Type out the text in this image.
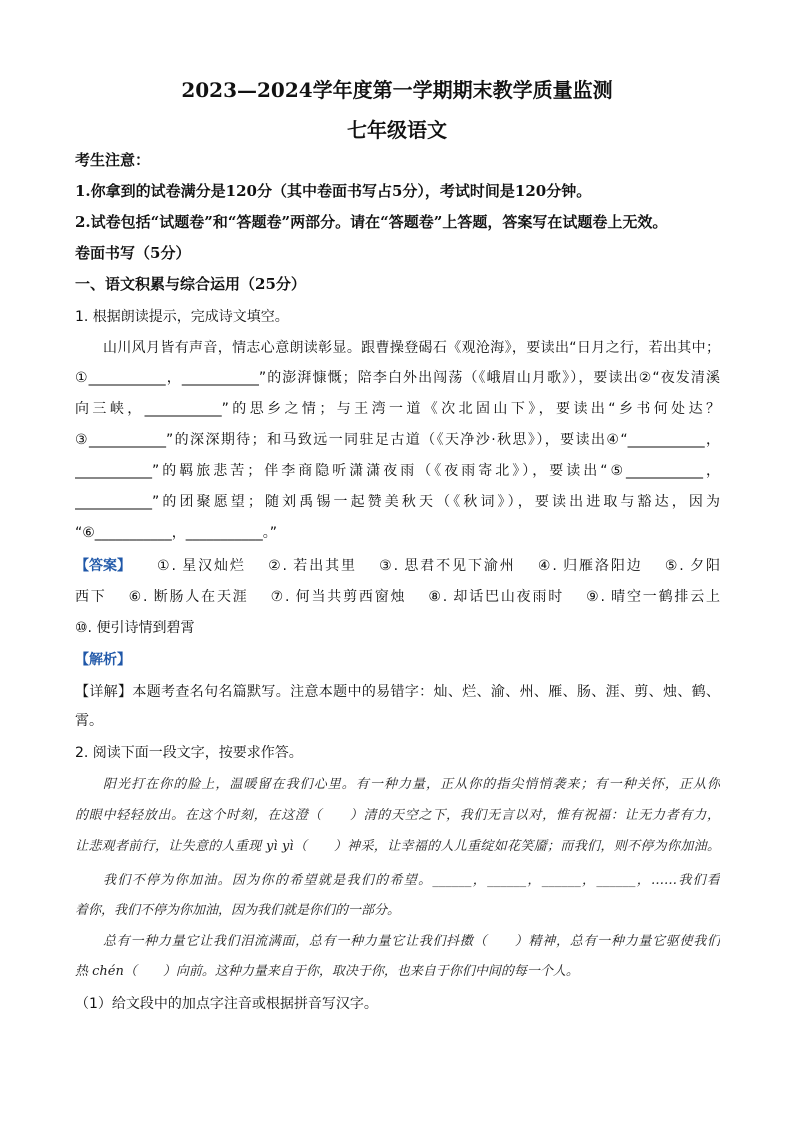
2023—2024学年度第一学期期末教学质量监测
七年级语文
考生注意：
1.你拿到的试卷满分是120分（其中卷面书写占5分），考试时间是120分钟。
2.试卷包括“试题卷”和“答题卷”两部分。请在“答题卷”上答题，答案写在试题卷上无效。
卷面书写（5分）
一、语文积累与综合运用（25分）
1. 根据朗读提示，完成诗文填空。
山川风月皆有声音，情志心意朗读彰显。跟曹操登碣石《观沧海》，要读出“日月之行，若出其中；
①___________，___________”的澎湃慷慨；陪李白外出闯荡（《峨眉山月歌》），要读出②“夜发清溪
向三峡，___________”的思乡之情；与王湾一道《次北固山下》，要读出“乡书何处达？
③___________”的深深期待；和马致远一同驻足古道（《天净沙·秋思》），要读出④“___________，
___________”的羁旅悲苦；伴李商隐听潇潇夜雨（《夜雨寄北》），要读出“⑤___________，
___________”的团聚愿望；随刘禹锡一起赞美秋天（《秋词》），要读出进取与豁达，因为
“⑥___________，___________。”
【答案】 ①. 星汉灿烂　 ②. 若出其里　 ③. 思君不见下渝州　 ④. 归雁洛阳边　 ⑤. 夕阳
西下　 ⑥. 断肠人在天涯　 ⑦. 何当共剪西窗烛　 ⑧. 却话巴山夜雨时　 ⑨. 晴空一鹤排云上
⑩. 便引诗情到碧霄
【解析】
【详解】本题考查名句名篇默写。注意本题中的易错字：灿、烂、渝、州、雁、肠、涯、剪、烛、鹤、
霄。
2. 阅读下面一段文字，按要求作答。
阳光打在你的脸上，温暖留在我们心里。有一种力量，正从你的指尖悄悄袭来；有一种关怀，正从你
的眼中轻轻放出。在这个时刻，在这澄（　　）清的天空之下，我们无言以对，惟有祝福：让无力者有力，
让悲观者前行，让失意的人重现 yì yì（　　）神采，让幸福的人儿重绽如花笑靥；而我们，则不停为你加油。
我们不停为你加油。因为你的希望就是我们的希望。______，______，______，______，……我们看
着你，我们不停为你加油，因为我们就是你们的一部分。
总有一种力量它让我们泪流满面，总有一种力量它让我们抖擞（　　）精神，总有一种力量它驱使我们
热 chén（　　）向前。这种力量来自于你，取决于你，也来自于你们中间的每一个人。
（1）给文段中的加点字注音或根据拼音写汉字。
